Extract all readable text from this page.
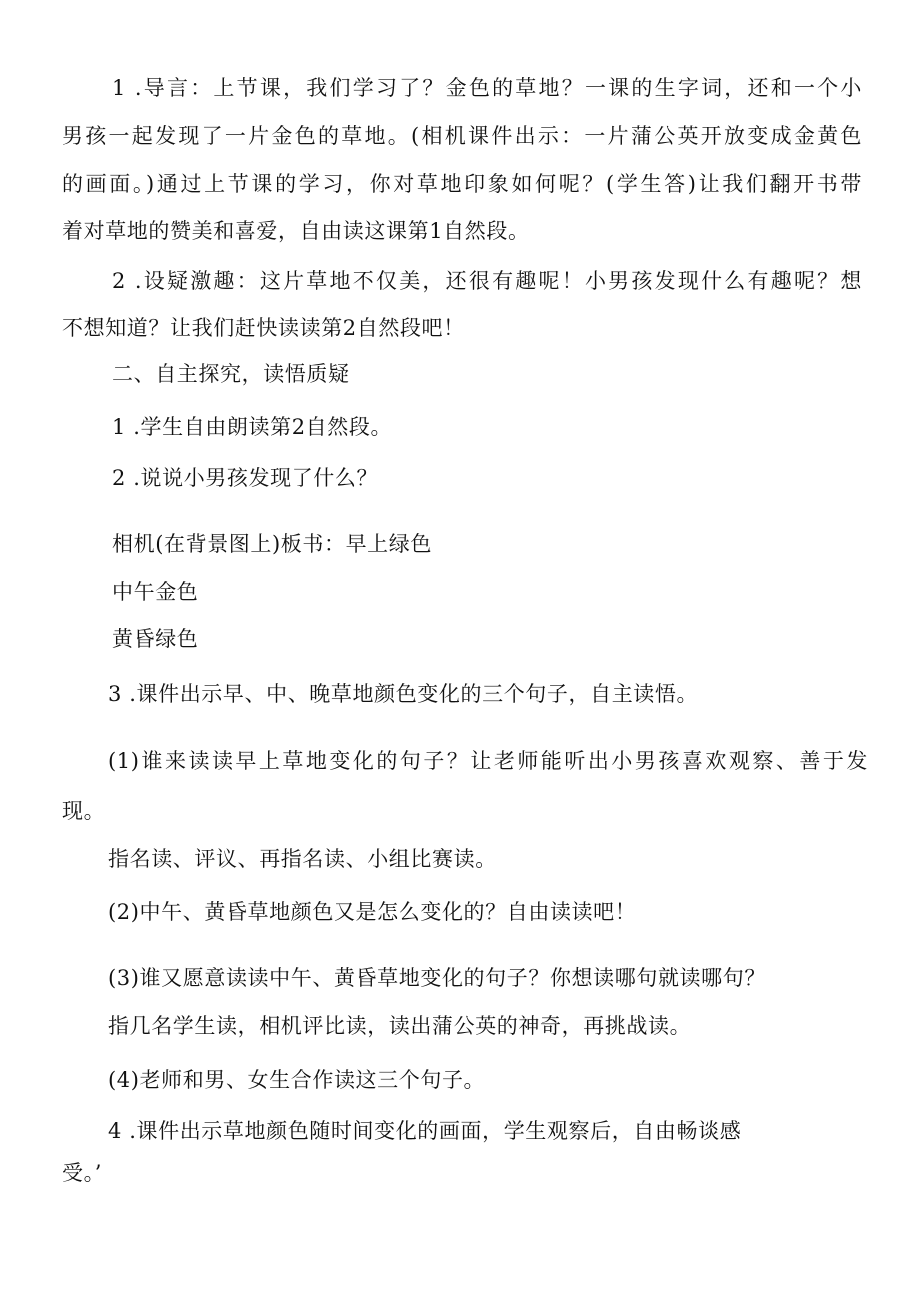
1 .导言：上节课，我们学习了？金色的草地？一课的生字词，还和一个小
男孩一起发现了一片金色的草地。(相机课件出示：一片蒲公英开放变成金黄色
的画面。)通过上节课的学习，你对草地印象如何呢？(学生答)让我们翻开书带
着对草地的赞美和喜爱，自由读这课第1自然段。
2 .设疑激趣：这片草地不仅美，还很有趣呢！小男孩发现什么有趣呢？想
不想知道？让我们赶快读读第2自然段吧！
二、自主探究，读悟质疑
1 .学生自由朗读第2自然段。
2 .说说小男孩发现了什么？
相机(在背景图上)板书：早上绿色
中午金色
黄昏绿色
3 .课件出示早、中、晚草地颜色变化的三个句子，自主读悟。
(1)谁来读读早上草地变化的句子？让老师能听出小男孩喜欢观察、善于发
现。
指名读、评议、再指名读、小组比赛读。
(2)中午、黄昏草地颜色又是怎么变化的？自由读读吧！
(3)谁又愿意读读中午、黄昏草地变化的句子？你想读哪句就读哪句？
指几名学生读，相机评比读，读出蒲公英的神奇，再挑战读。
(4)老师和男、女生合作读这三个句子。
4 .课件出示草地颜色随时间变化的画面，学生观察后，自由畅谈感
受。’
